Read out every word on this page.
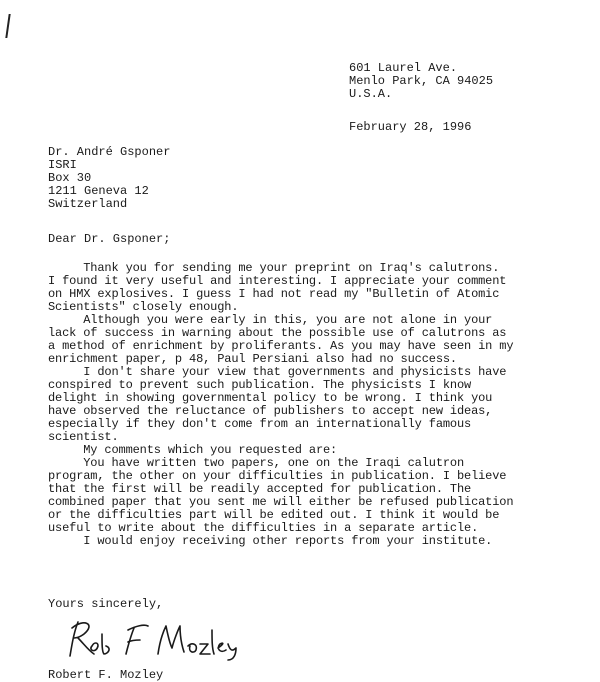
601 Laurel Ave.
Menlo Park, CA 94025
U.S.A.
February 28, 1996
Dr. André Gsponer
ISRI
Box 30
1211 Geneva 12
Switzerland
Dear Dr. Gsponer;
Thank you for sending me your preprint on Iraq's calutrons.
I found it very useful and interesting. I appreciate your comment
on HMX explosives. I guess I had not read my "Bulletin of Atomic
Scientists" closely enough.
Although you were early in this, you are not alone in your
lack of success in warning about the possible use of calutrons as
a method of enrichment by proliferants. As you may have seen in my
enrichment paper, p 48, Paul Persiani also had no success.
I don't share your view that governments and physicists have
conspired to prevent such publication. The physicists I know
delight in showing governmental policy to be wrong. I think you
have observed the reluctance of publishers to accept new ideas,
especially if they don't come from an internationally famous
scientist.
My comments which you requested are:
You have written two papers, one on the Iraqi calutron
program, the other on your difficulties in publication. I believe
that the first will be readily accepted for publication. The
combined paper that you sent me will either be refused publication
or the difficulties part will be edited out. I think it would be
useful to write about the difficulties in a separate article.
I would enjoy receiving other reports from your institute.
Yours sincerely,
Robert F. Mozley
